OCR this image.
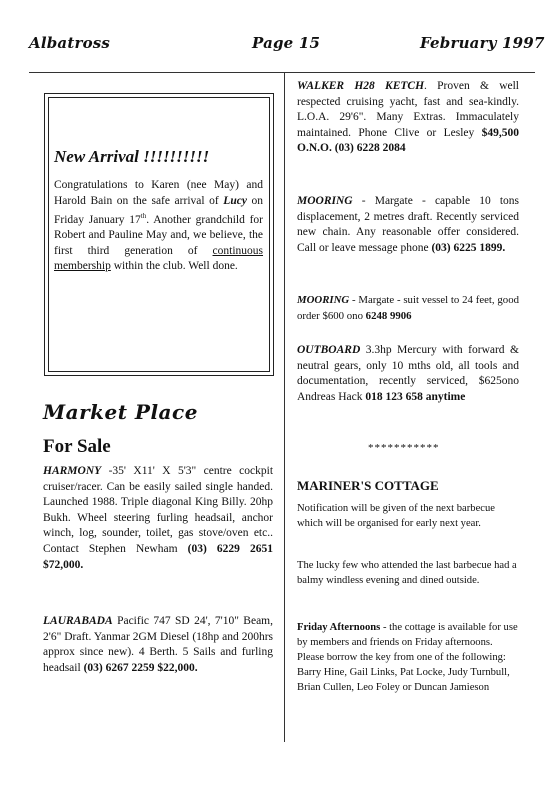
Albatross	Page 15	February 1997
New Arrival !!!!!!!!!!
Congratulations to Karen (nee May) and Harold Bain on the safe arrival of Lucy on Friday January 17th. Another grandchild for Robert and Pauline May and, we believe, the first third generation of continuous membership within the club. Well done.
Market Place
For Sale
HARMONY -35' X11' X 5'3" centre cockpit cruiser/racer. Can be easily sailed single handed. Launched 1988. Triple diagonal King Billy. 20hp Bukh. Wheel steering furling headsail, anchor winch, log, sounder, toilet, gas stove/oven etc.. Contact Stephen Newham (03) 6229 2651 $72,000.
LAURABADA Pacific 747 SD 24', 7'10" Beam, 2'6" Draft. Yanmar 2GM Diesel (18hp and 200hrs approx since new). 4 Berth. 5 Sails and furling headsail (03) 6267 2259 $22,000.
WALKER H28 KETCH. Proven & well respected cruising yacht, fast and sea-kindly. L.O.A. 29'6". Many Extras. Immaculately maintained. Phone Clive or Lesley $49,500 O.N.O. (03) 6228 2084
MOORING - Margate - capable 10 tons displacement, 2 metres draft. Recently serviced new chain. Any reasonable offer considered. Call or leave message phone (03) 6225 1899.
MOORING - Margate - suit vessel to 24 feet, good order $600 ono 6248 9906
OUTBOARD 3.3hp Mercury with forward & neutral gears, only 10 mths old, all tools and documentation, recently serviced, $625ono Andreas Hack 018 123 658 anytime
***********
MARINER'S COTTAGE
Notification will be given of the next barbecue which will be organised for early next year.
The lucky few who attended the last barbecue had a balmy windless evening and dined outside.
Friday Afternoons - the cottage is available for use by members and friends on Friday afternoons. Please borrow the key from one of the following:
Barry Hine, Gail Links, Pat Locke, Judy Turnbull, Brian Cullen, Leo Foley or Duncan Jamieson
